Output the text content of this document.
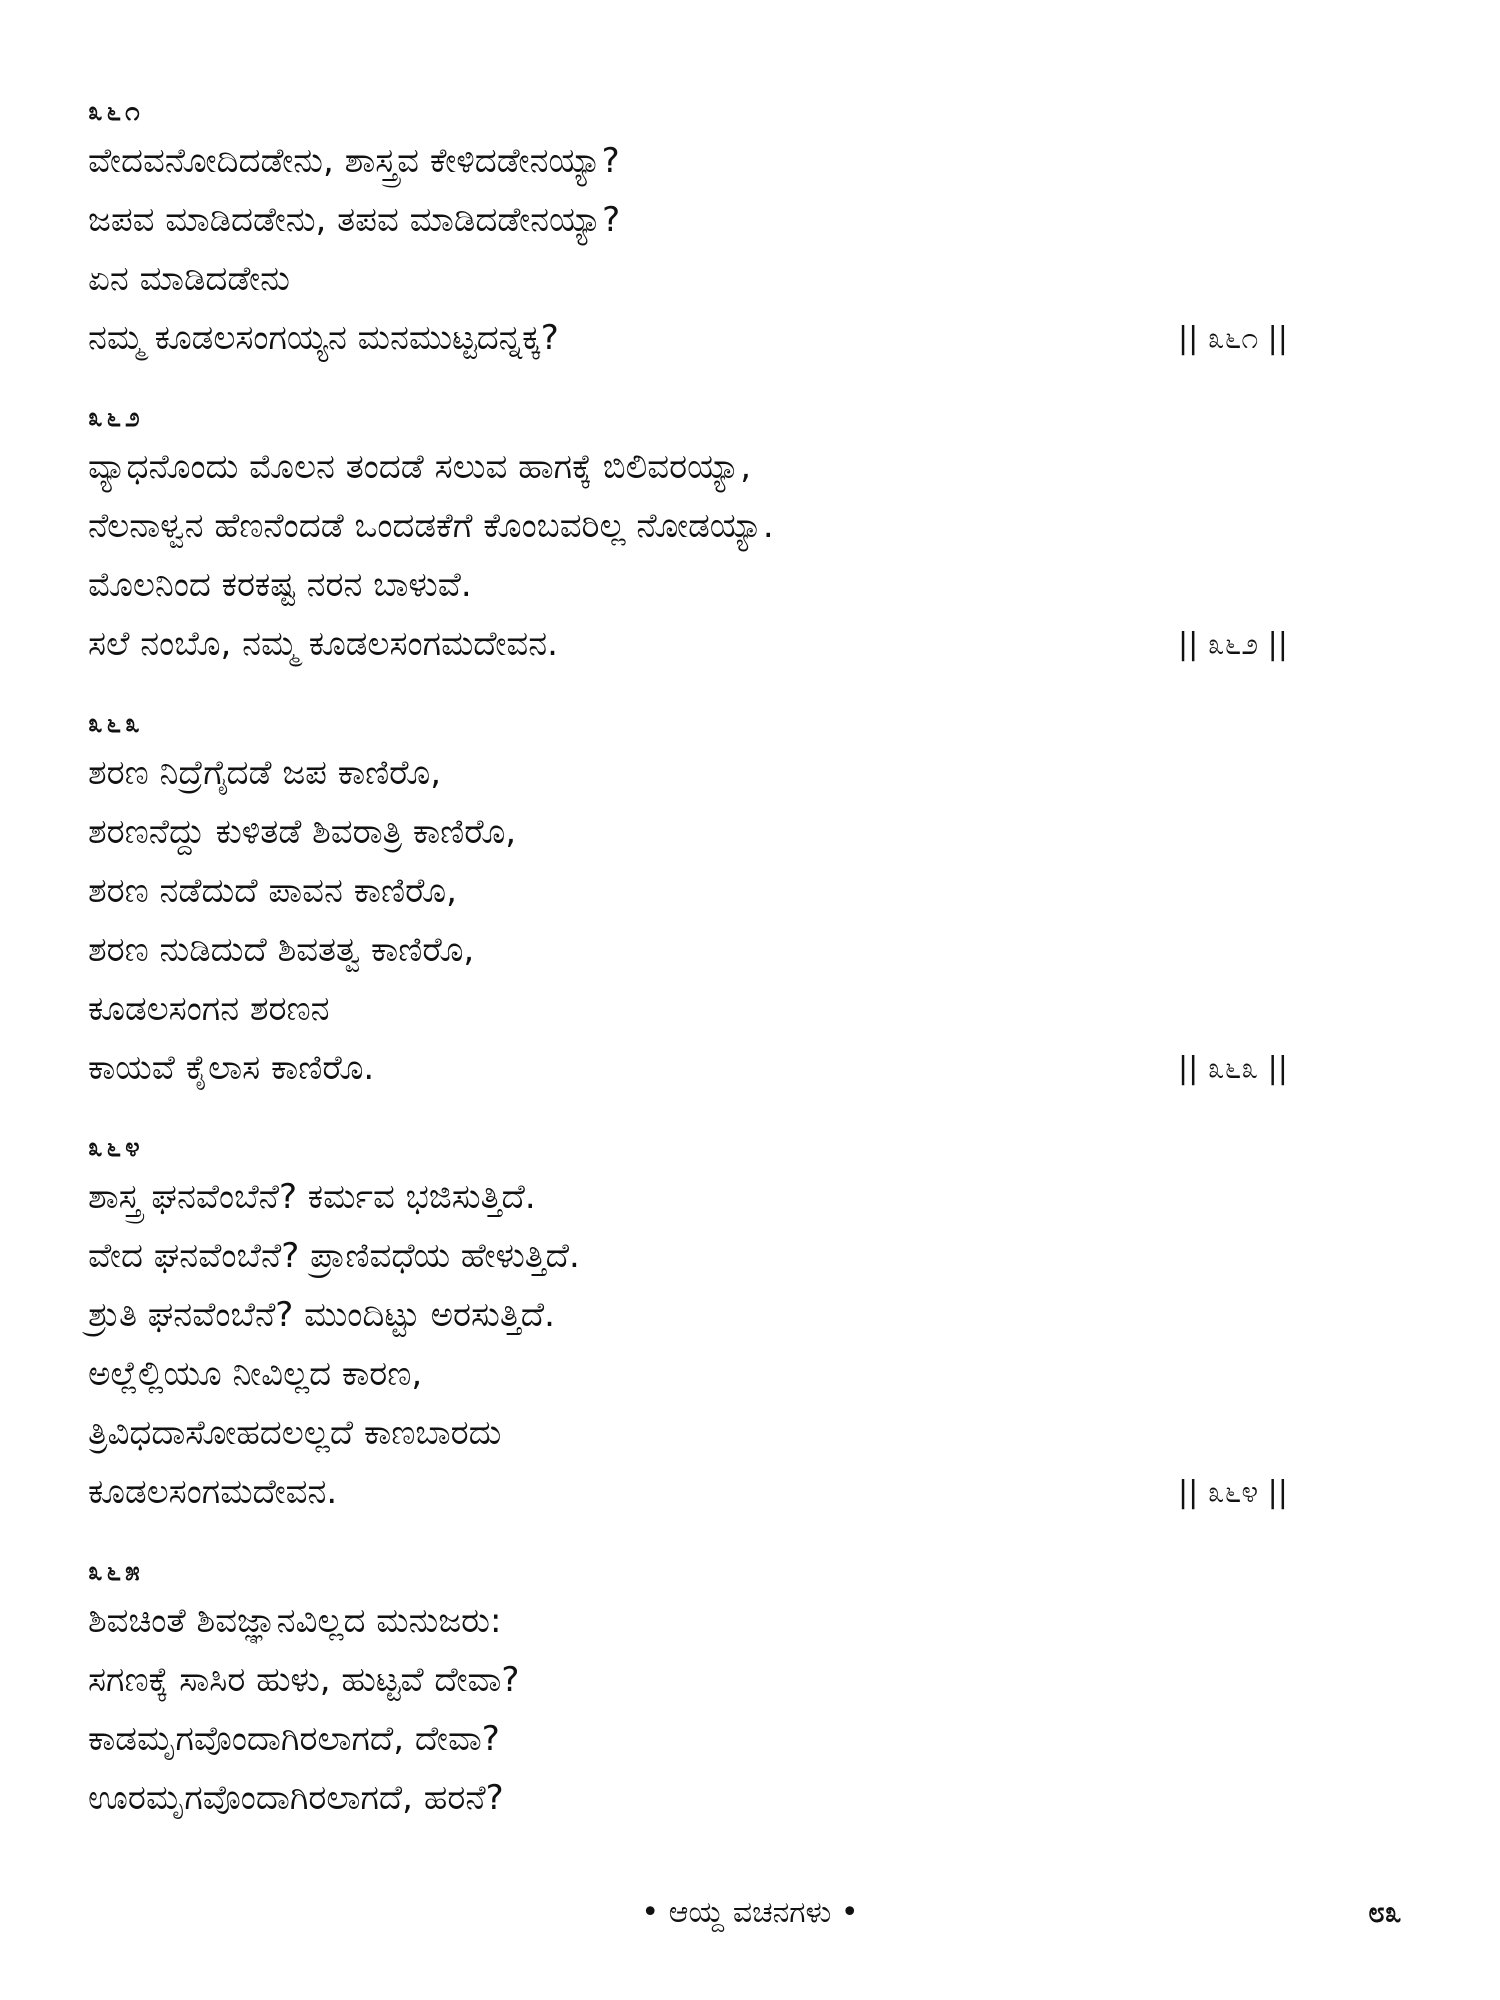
೩೬೧
ವೇದವನೋದಿದಡೇನು, ಶಾಸ್ತ್ರವ ಕೇಳಿದಡೇನಯ್ಯಾ?
ಜಪವ ಮಾಡಿದಡೇನು, ತಪವ ಮಾಡಿದಡೇನಯ್ಯಾ?
ಏನ ಮಾಡಿದಡೇನು
ನಮ್ಮ ಕೂಡಲಸಂಗಯ್ಯನ ಮನಮುಟ್ಟದನ್ನಕ್ಕ?	|| ೩೬೧ ||
೩೬೨
ವ್ಯಾಧನೊಂದು ಮೊಲನ ತಂದಡೆ ಸಲುವ ಹಾಗಕ್ಕೆ ಬಿಲಿವರಯ್ಯಾ,
ನೆಲನಾಳ್ವನ ಹೆಣನೆಂದಡೆ ಒಂದಡಕೆಗೆ ಕೊಂಬವರಿಲ್ಲ ನೋಡಯ್ಯಾ.
ಮೊಲನಿಂದ ಕರಕಷ್ಟ ನರನ ಬಾಳುವೆ.
ಸಲೆ ನಂಬೊ, ನಮ್ಮ ಕೂಡಲಸಂಗಮದೇವನ.	|| ೩೬೨ ||
೩೬೩
ಶರಣ ನಿದ್ರೆಗೈದಡೆ ಜಪ ಕಾಣಿರೊ,
ಶರಣನೆದ್ದು ಕುಳಿತಡೆ ಶಿವರಾತ್ರಿ ಕಾಣಿರೊ,
ಶರಣ ನಡೆದುದೆ ಪಾವನ ಕಾಣಿರೊ,
ಶರಣ ನುಡಿದುದೆ ಶಿವತತ್ವ ಕಾಣಿರೊ,
ಕೂಡಲಸಂಗನ ಶರಣನ
ಕಾಯವೆ ಕೈಲಾಸ ಕಾಣಿರೊ.	|| ೩೬೩ ||
೩೬೪
ಶಾಸ್ತ್ರ ಘನವೆಂಬೆನೆ? ಕರ್ಮವ ಭಜಿಸುತ್ತಿದೆ.
ವೇದ ಘನವೆಂಬೆನೆ? ಪ್ರಾಣಿವಧೆಯ ಹೇಳುತ್ತಿದೆ.
ಶ್ರುತಿ ಘನವೆಂಬೆನೆ? ಮುಂದಿಟ್ಟು ಅರಸುತ್ತಿದೆ.
ಅಲ್ಲೆಲ್ಲಿಯೂ ನೀವಿಲ್ಲದ ಕಾರಣ,
ತ್ರಿವಿಧದಾಸೋಹದಲಲ್ಲದೆ ಕಾಣಬಾರದು
ಕೂಡಲಸಂಗಮದೇವನ.	|| ೩೬೪ ||
೩೬೫
ಶಿವಚಿಂತೆ ಶಿವಜ್ಞಾನವಿಲ್ಲದ ಮನುಜರು:
ಸಗಣಕ್ಕೆ ಸಾಸಿರ ಹುಳು, ಹುಟ್ಟವೆ ದೇವಾ?
ಕಾಡಮೃಗವೊಂದಾಗಿರಲಾಗದೆ, ದೇವಾ?
ಊರಮೃಗವೊಂದಾಗಿರಲಾಗದೆ, ಹರನೆ?
• ಆಯ್ದ ವಚನಗಳು •	೮೩
